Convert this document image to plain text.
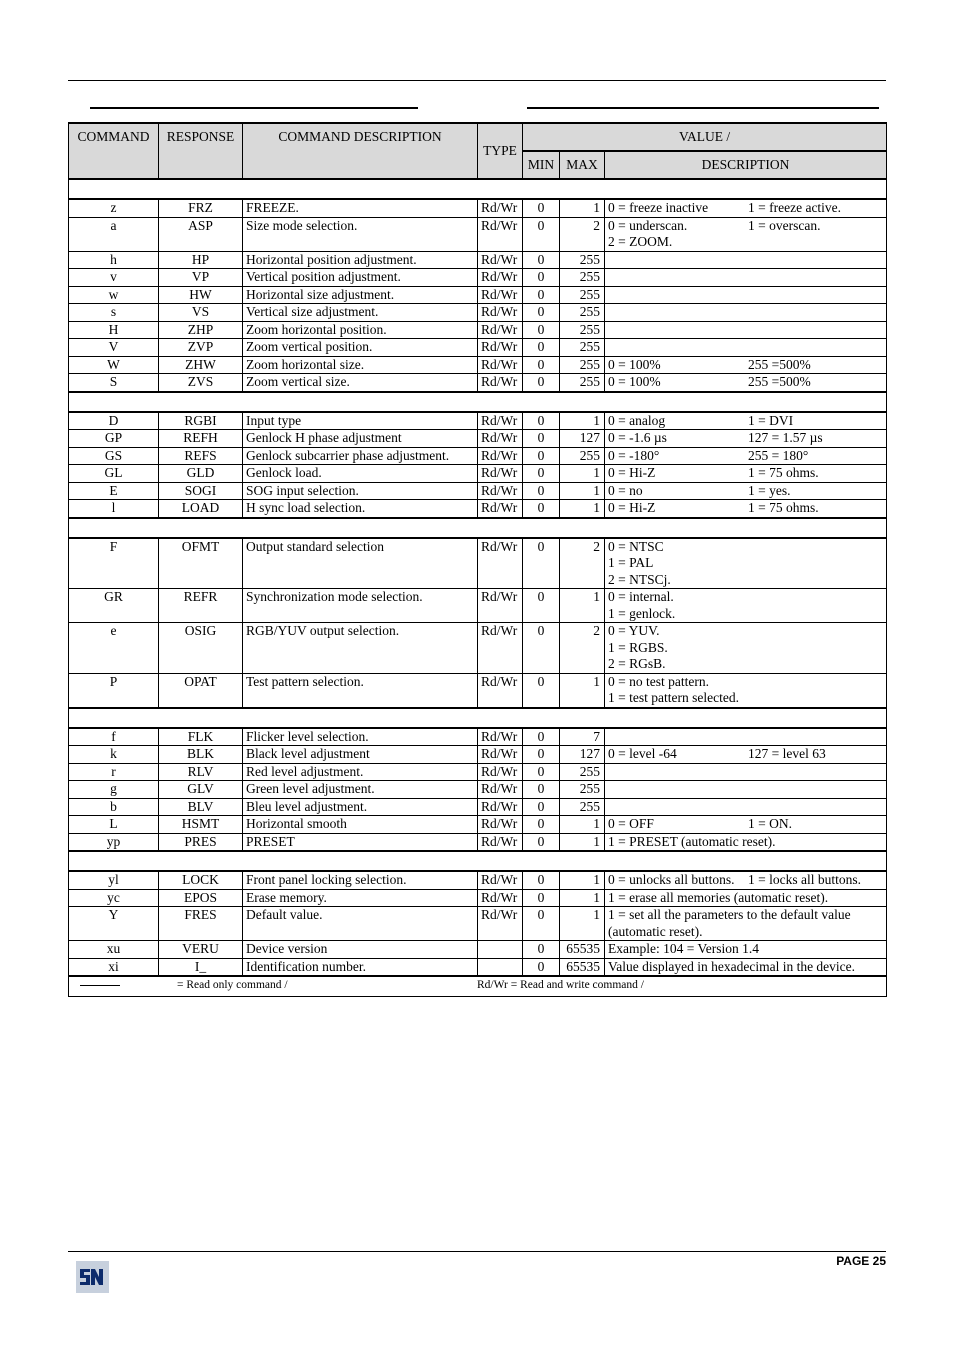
COMMAND	RESPONSE	COMMAND DESCRIPTION	TYPE	VALUE /		
				MIN	MAX	DESCRIPTION

z	FRZ	FREEZE.	Rd/Wr	0	1	0 = freeze inactive 1 = freeze active.

a	ASP	Size mode selection.	Rd/Wr	0	2	0 = underscan. 1 = overscan.
2 = ZOOM.

h	HP	Horizontal position adjustment.	Rd/Wr	0	255	
v	VP	Vertical position adjustment.	Rd/Wr	0	255	
w	HW	Horizontal size adjustment.	Rd/Wr	0	255	
s	VS	Vertical size adjustment.	Rd/Wr	0	255	
H	ZHP	Zoom horizontal position.	Rd/Wr	0	255	
V	ZVP	Zoom vertical position.	Rd/Wr	0	255	
W	ZHW	Zoom horizontal size.	Rd/Wr	0	255	0 = 100% 255 =500%

S	ZVS	Zoom vertical size.	Rd/Wr	0	255	0 = 100% 255 =500%

D	RGBI	Input type	Rd/Wr	0	1	0 = analog 1 = DVI

GP	REFH	Genlock H phase adjustment	Rd/Wr	0	127	0 = -1.6 µs 127 = 1.57 µs

GS	REFS	Genlock subcarrier phase adjustment.	Rd/Wr	0	255	0 = -180° 255 = 180°

GL	GLD	Genlock load.	Rd/Wr	0	1	0 = Hi-Z 1 = 75 ohms.

E	SOGI	SOG input selection.	Rd/Wr	0	1	0 = no 1 = yes.

l	LOAD	H sync load selection.	Rd/Wr	0	1	0 = Hi-Z 1 = 75 ohms.

F	OFMT	Output standard selection	Rd/Wr	0	2	0 = NTSC
1 = PAL
2 = NTSCj.

GR	REFR	Synchronization mode selection.	Rd/Wr	0	1	0 = internal.
1 = genlock.

e	OSIG	RGB/YUV output selection.	Rd/Wr	0	2	0 = YUV.
1 = RGBS.
2 = RGsB.

P	OPAT	Test pattern selection.	Rd/Wr	0	1	0 = no test pattern.
1 = test pattern selected.

f	FLK	Flicker level selection.	Rd/Wr	0	7	
k	BLK	Black level adjustment	Rd/Wr	0	127	0 = level -64 127 = level 63

r	RLV	Red level adjustment.	Rd/Wr	0	255	
g	GLV	Green level adjustment.	Rd/Wr	0	255	
b	BLV	Bleu level adjustment.	Rd/Wr	0	255	
L	HSMT	Horizontal smooth	Rd/Wr	0	1	0 = OFF 1 = ON.

yp	PRES	PRESET	Rd/Wr	0	1	1 = PRESET (automatic reset).

yl	LOCK	Front panel locking selection.	Rd/Wr	0	1	0 = unlocks all buttons. 1 = locks all buttons.

yc	EPOS	Erase memory.	Rd/Wr	0	1	1 = erase all memories (automatic reset).

Y	FRES	Default value.	Rd/Wr	0	1	1 = set all the parameters to the default value
(automatic reset).

xu	VERU	Device version		0	65535	Example: 104 = Version 1.4

xi	I_	Identification number.		0	65535	Value displayed in hexadecimal in the device.

= Read only command / Rd/Wr = Read and write command /						
PAGE 25
